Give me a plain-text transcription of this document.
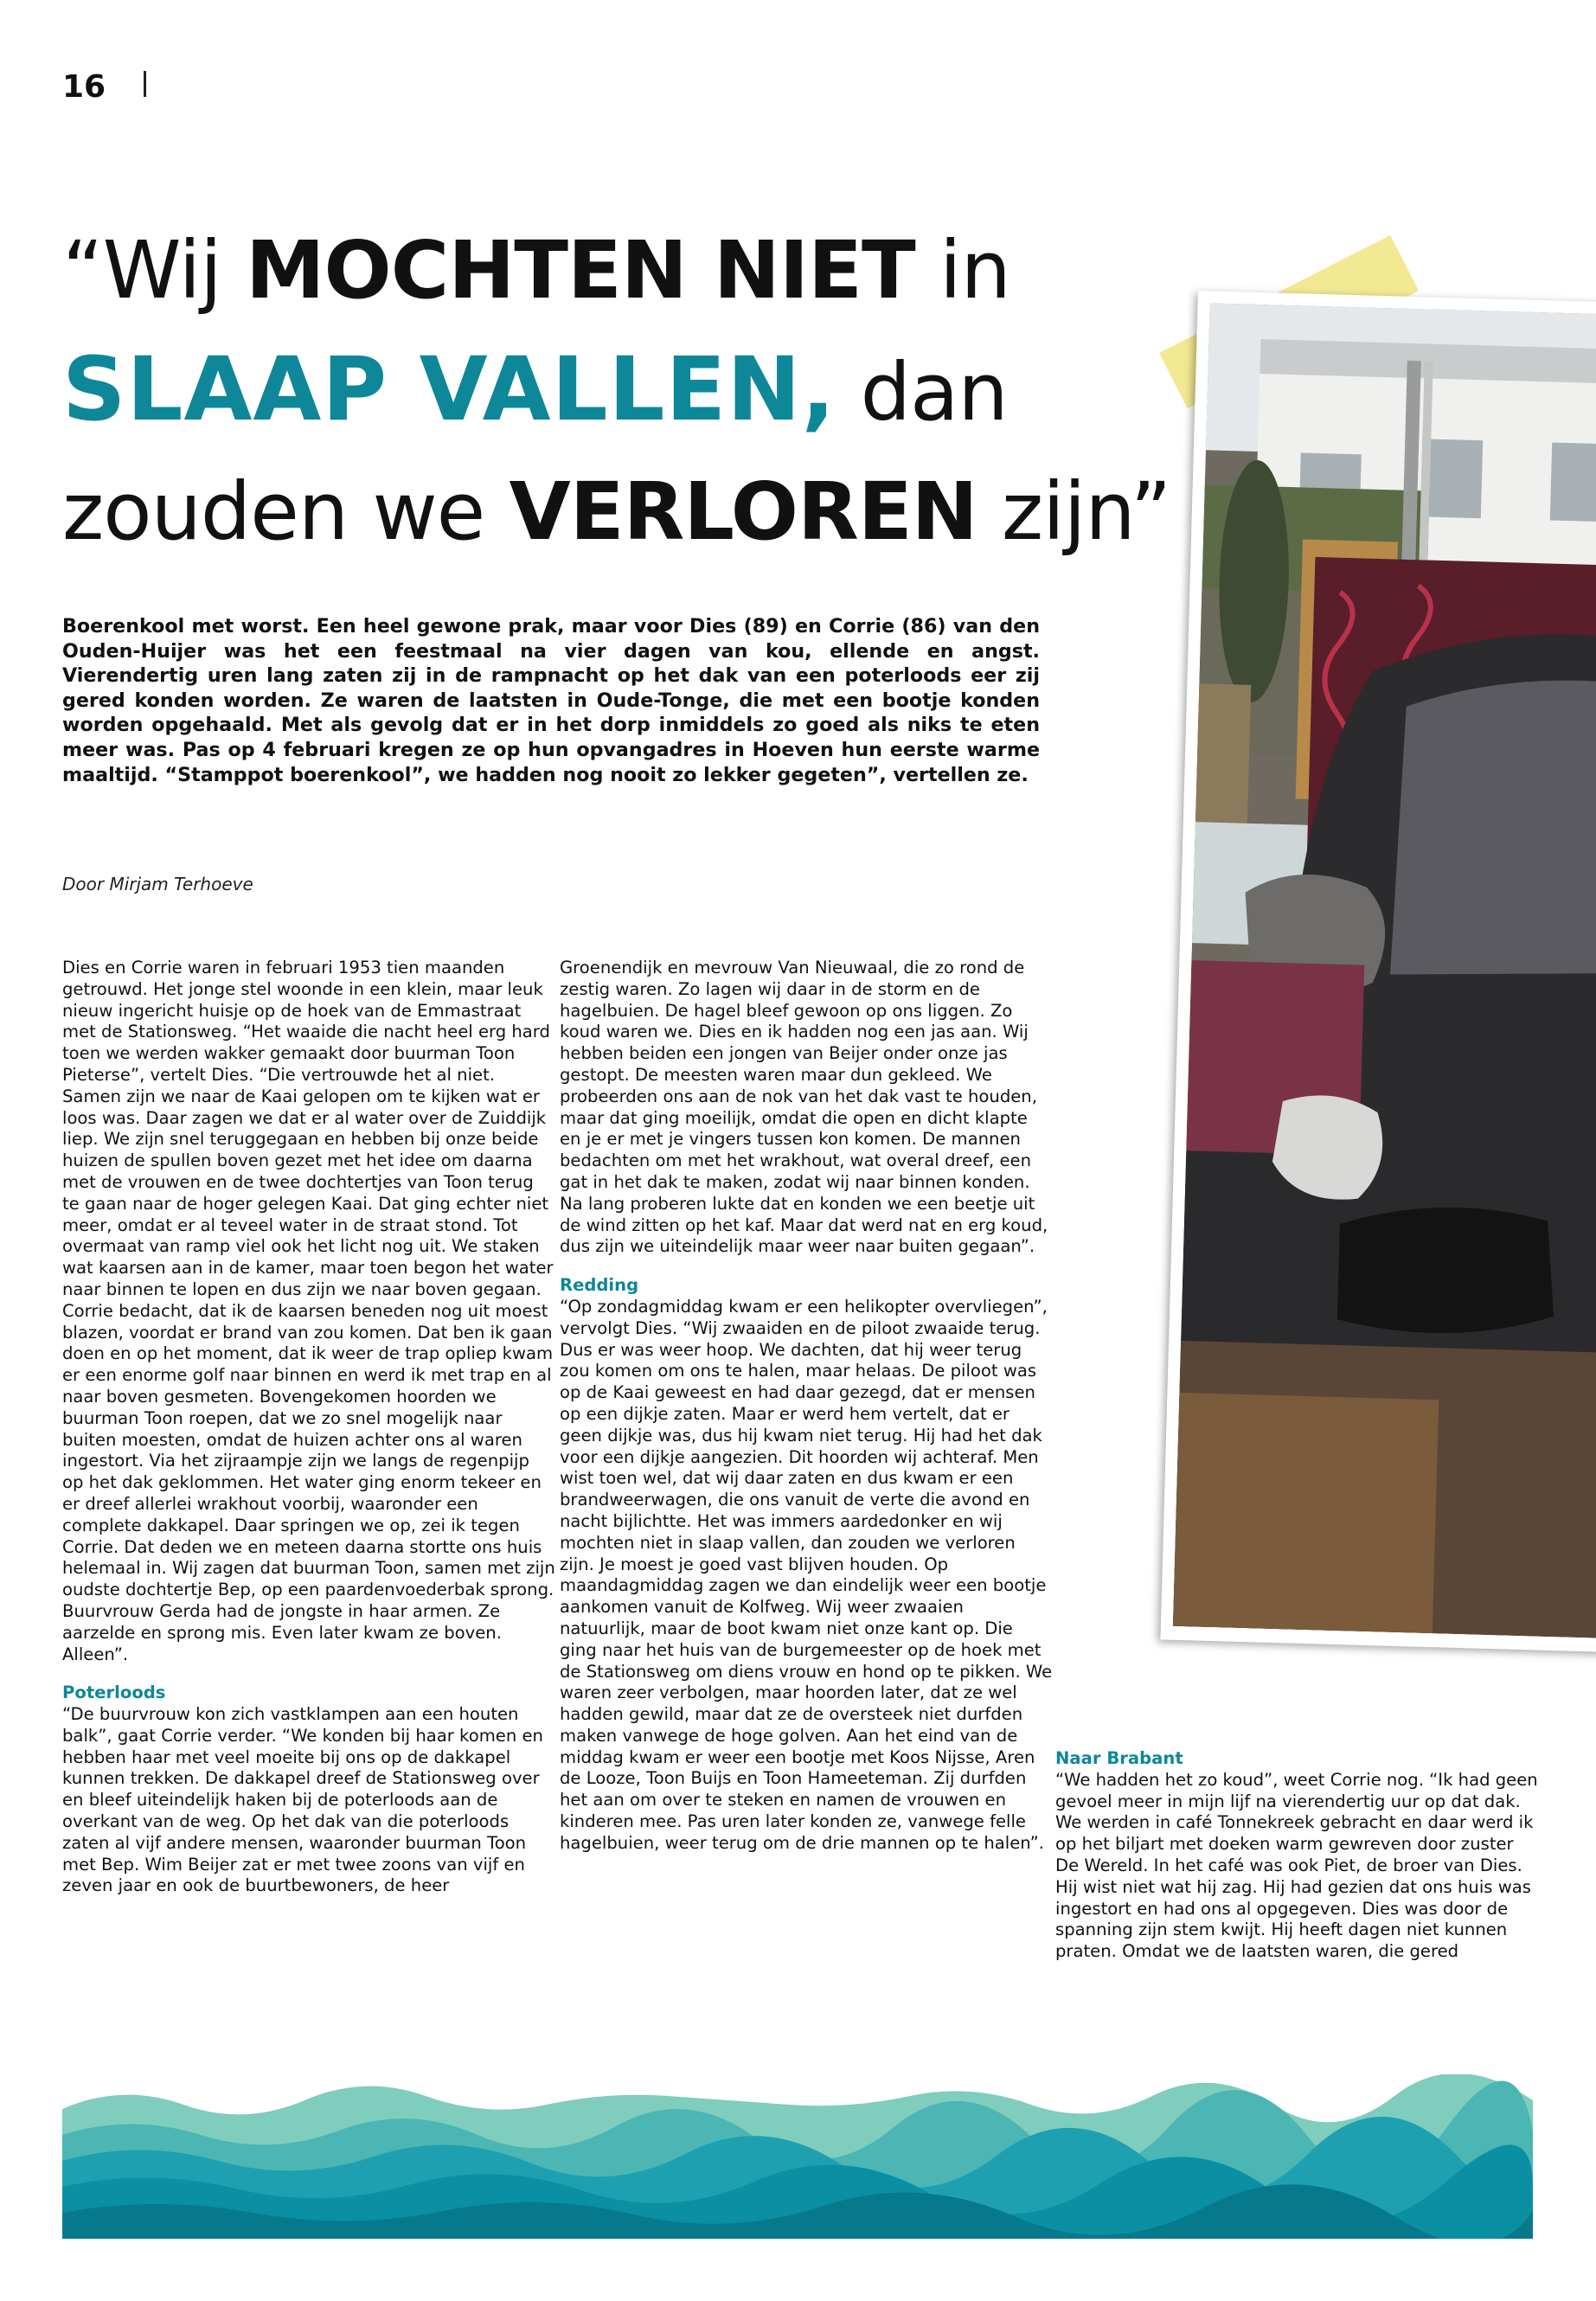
16
“Wij MOCHTEN NIET in
SLAAP VALLEN, dan
zouden we VERLOREN zijn”
Boerenkool met worst. Een heel gewone prak, maar voor Dies (89) en Corrie (86) van den Ouden-Huijer was het een feestmaal na vier dagen van kou, ellende en angst. Vierendertig uren lang zaten zij in de rampnacht op het dak van een poterloods eer zij gered konden worden. Ze waren de laatsten in Oude-Tonge, die met een bootje konden worden opgehaald. Met als gevolg dat er in het dorp inmiddels zo goed als niks te eten meer was. Pas op 4 februari kregen ze op hun opvangadres in Hoeven hun eerste warme maaltijd. “Stamppot boerenkool”, we hadden nog nooit zo lekker gegeten”, vertellen ze.
Door Mirjam Terhoeve

Dies en Corrie waren in februari 1953 tien maanden getrouwd. Het jonge stel woonde in een klein, maar leuk nieuw ingericht huisje op de hoek van de Emmastraat met de Stationsweg. “Het waaide die nacht heel erg hard toen we werden wakker gemaakt door buurman Toon Pieterse”, vertelt Dies. “Die vertrouwde het al niet. Samen zijn we naar de Kaai gelopen om te kijken wat er loos was. Daar zagen we dat er al water over de Zuiddijk liep. We zijn snel teruggegaan en hebben bij onze beide huizen de spullen boven gezet met het idee om daarna met de vrouwen en de twee dochtertjes van Toon terug te gaan naar de hoger gelegen Kaai. Dat ging echter niet meer, omdat er al teveel water in de straat stond. Tot overmaat van ramp viel ook het licht nog uit. We staken wat kaarsen aan in de kamer, maar toen begon het water naar binnen te lopen en dus zijn we naar boven gegaan. Corrie bedacht, dat ik de kaarsen beneden nog uit moest blazen, voordat er brand van zou komen. Dat ben ik gaan doen en op het moment, dat ik weer de trap opliep kwam er een enorme golf naar binnen en werd ik met trap en al naar boven gesmeten. Bovengekomen hoorden we buurman Toon roepen, dat we zo snel mogelijk naar buiten moesten, omdat de huizen achter ons al waren ingestort. Via het zijraampje zijn we langs de regenpijp op het dak geklommen. Het water ging enorm tekeer en er dreef allerlei wrakhout voorbij, waaronder een complete dakkapel. Daar springen we op, zei ik tegen Corrie. Dat deden we en meteen daarna stortte ons huis helemaal in. Wij zagen dat buurman Toon, samen met zijn oudste dochtertje Bep, op een paardenvoederbak sprong. Buurvrouw Gerda had de jongste in haar armen. Ze aarzelde en sprong mis. Even later kwam ze boven. Alleen”.

Poterloods

“De buurvrouw kon zich vastklampen aan een houten balk”, gaat Corrie verder. “We konden bij haar komen en hebben haar met veel moeite bij ons op de dakkapel kunnen trekken. De dakkapel dreef de Stationsweg over en bleef uiteindelijk haken bij de poterloods aan de overkant van de weg. Op het dak van die poterloods zaten al vijf andere mensen, waaronder buurman Toon met Bep. Wim Beijer zat er met twee zoons van vijf en zeven jaar en ook de buurtbewoners, de heer

Groenendijk en mevrouw Van Nieuwaal, die zo rond de zestig waren. Zo lagen wij daar in de storm en de hagelbuien. De hagel bleef gewoon op ons liggen. Zo koud waren we. Dies en ik hadden nog een jas aan. Wij hebben beiden een jongen van Beijer onder onze jas gestopt. De meesten waren maar dun gekleed. We probeerden ons aan de nok van het dak vast te houden, maar dat ging moeilijk, omdat die open en dicht klapte en je er met je vingers tussen kon komen. De mannen bedachten om met het wrakhout, wat overal dreef, een gat in het dak te maken, zodat wij naar binnen konden. Na lang proberen lukte dat en konden we een beetje uit de wind zitten op het kaf. Maar dat werd nat en erg koud, dus zijn we uiteindelijk maar weer naar buiten gegaan”.

Redding

“Op zondagmiddag kwam er een helikopter overvliegen”, vervolgt Dies. “Wij zwaaiden en de piloot zwaaide terug. Dus er was weer hoop. We dachten, dat hij weer terug zou komen om ons te halen, maar helaas. De piloot was op de Kaai geweest en had daar gezegd, dat er mensen op een dijkje zaten. Maar er werd hem vertelt, dat er geen dijkje was, dus hij kwam niet terug. Hij had het dak voor een dijkje aangezien. Dit hoorden wij achteraf. Men wist toen wel, dat wij daar zaten en dus kwam er een brandweerwagen, die ons vanuit de verte die avond en nacht bijlichtte. Het was immers aardedonker en wij mochten niet in slaap vallen, dan zouden we verloren zijn. Je moest je goed vast blijven houden. Op maandagmiddag zagen we dan eindelijk weer een bootje aankomen vanuit de Kolfweg. Wij weer zwaaien natuurlijk, maar de boot kwam niet onze kant op. Die ging naar het huis van de burgemeester op de hoek met de Stationsweg om diens vrouw en hond op te pikken. We waren zeer verbolgen, maar hoorden later, dat ze wel hadden gewild, maar dat ze de oversteek niet durfden maken vanwege de hoge golven. Aan het eind van de middag kwam er weer een bootje met Koos Nijsse, Aren de Looze, Toon Buijs en Toon Hameeteman. Zij durfden het aan om over te steken en namen de vrouwen en kinderen mee. Pas uren later konden ze, vanwege felle hagelbuien, weer terug om de drie mannen op te halen”.

Naar Brabant

“We hadden het zo koud”, weet Corrie nog. “Ik had geen gevoel meer in mijn lijf na vierendertig uur op dat dak. We werden in café Tonnekreek gebracht en daar werd ik op het biljart met doeken warm gewreven door zuster De Wereld. In het café was ook Piet, de broer van Dies. Hij wist niet wat hij zag. Hij had gezien dat ons huis was ingestort en had ons al opgegeven. Dies was door de spanning zijn stem kwijt. Hij heeft dagen niet kunnen praten. Omdat we de laatsten waren, die gered
